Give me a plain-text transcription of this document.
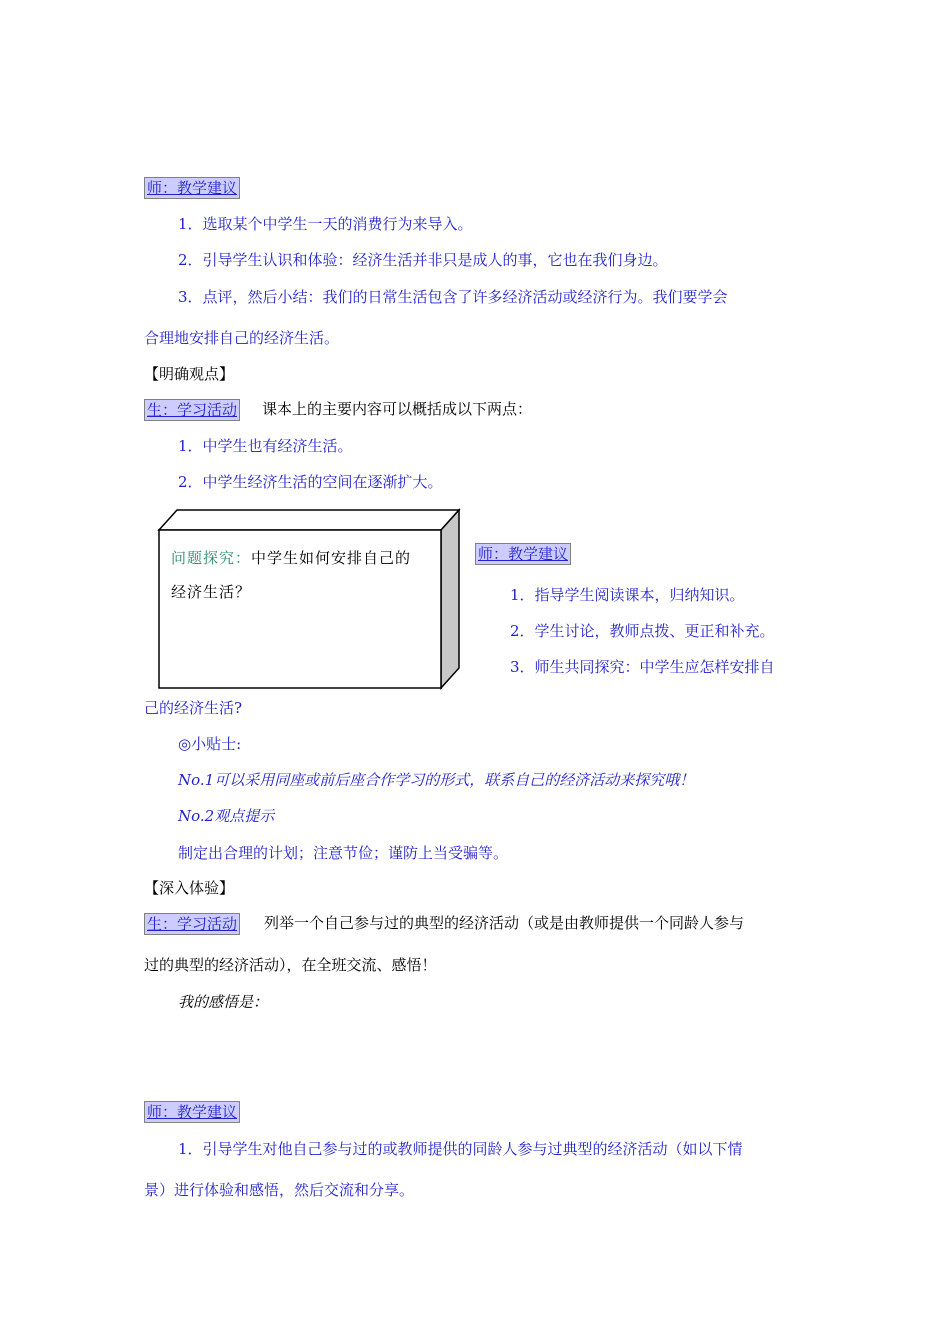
师：教学建议
1．选取某个中学生一天的消费行为来导入。
2．引导学生认识和体验：经济生活并非只是成人的事，它也在我们身边。
3．点评，然后小结：我们的日常生活包含了许多经济活动或经济行为。我们要学会
合理地安排自己的经济生活。
【明确观点】
生：学习活动 课本上的主要内容可以概括成以下两点：
1．中学生也有经济生活。
2．中学生经济生活的空间在逐渐扩大。
问题探究：中学生如何安排自己的
经济生活？
师：教学建议
1．指导学生阅读课本，归纳知识。
2．学生讨论，教师点拨、更正和补充。
3．师生共同探究：中学生应怎样安排自
己的经济生活?
◎小贴士:
No.1可以采用同座或前后座合作学习的形式，联系自己的经济活动来探究哦！
No.2观点提示
制定出合理的计划；注意节俭；谨防上当受骗等。
【深入体验】
生：学习活动 列举一个自己参与过的典型的经济活动（或是由教师提供一个同龄人参与
过的典型的经济活动），在全班交流、感悟！
我的感悟是：
师：教学建议
1．引导学生对他自己参与过的或教师提供的同龄人参与过典型的经济活动（如以下情
景）进行体验和感悟，然后交流和分享。
